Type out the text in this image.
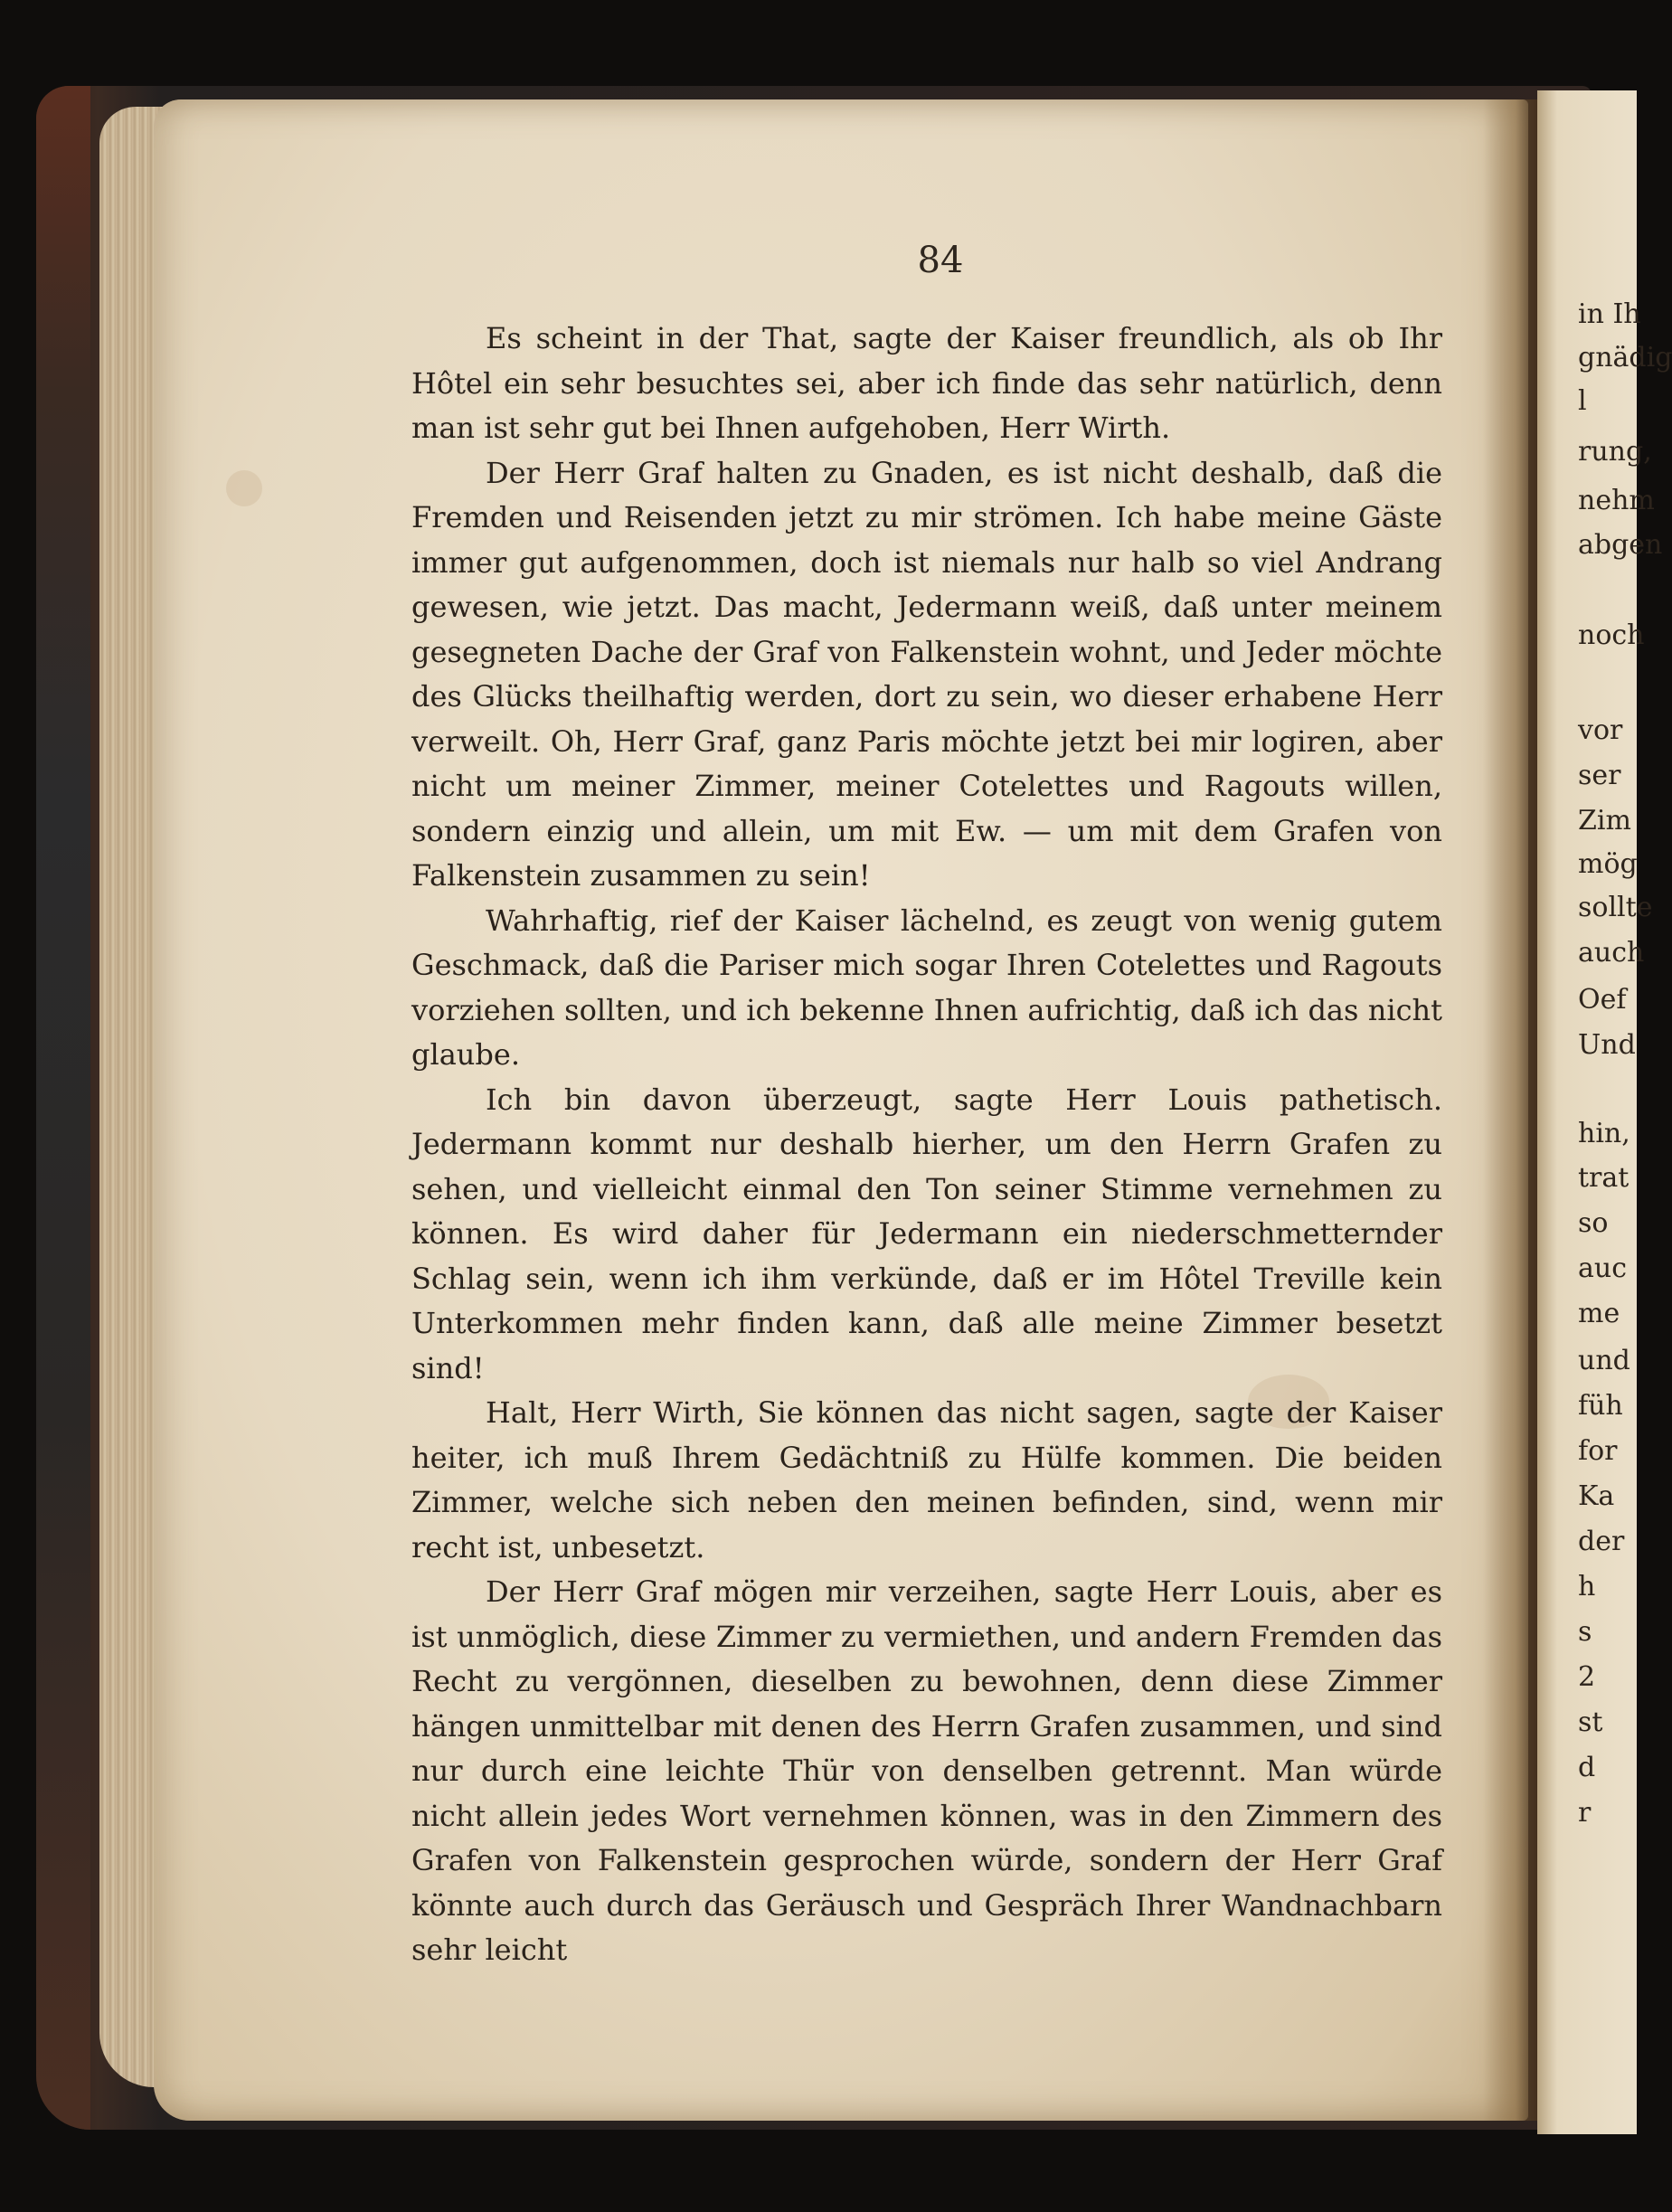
in Ih
gnädig
l
rung,
nehm
abgen
noch
vor
ser
Zim
mög
sollte
auch
Oef
Und
hin,
trat
so
auc
me
und
füh
for
Ka
der
h
s
2
st
d
r
84

Es scheint in der That, sagte der Kaiser freundlich, als ob Ihr Hôtel ein sehr besuchtes sei, aber ich finde das sehr natürlich, denn man ist sehr gut bei Ihnen aufgehoben, Herr Wirth.

Der Herr Graf halten zu Gnaden, es ist nicht deshalb, daß die Fremden und Reisenden jetzt zu mir strömen. Ich habe meine Gäste immer gut aufgenommen, doch ist niemals nur halb so viel Andrang gewesen, wie jetzt. Das macht, Jedermann weiß, daß unter meinem gesegneten Dache der Graf von Falkenstein wohnt, und Jeder möchte des Glücks theilhaftig werden, dort zu sein, wo dieser erhabene Herr verweilt. Oh, Herr Graf, ganz Paris möchte jetzt bei mir logiren, aber nicht um meiner Zimmer, meiner Cotelettes und Ragouts willen, sondern einzig und allein, um mit Ew. — um mit dem Grafen von Falkenstein zusammen zu sein!

Wahrhaftig, rief der Kaiser lächelnd, es zeugt von wenig gutem Geschmack, daß die Pariser mich sogar Ihren Cotelettes und Ragouts vorziehen sollten, und ich bekenne Ihnen aufrichtig, daß ich das nicht glaube.

Ich bin davon überzeugt, sagte Herr Louis pathetisch. Jedermann kommt nur deshalb hierher, um den Herrn Grafen zu sehen, und vielleicht einmal den Ton seiner Stimme vernehmen zu können. Es wird daher für Jedermann ein niederschmetternder Schlag sein, wenn ich ihm verkünde, daß er im Hôtel Treville kein Unterkommen mehr finden kann, daß alle meine Zimmer besetzt sind!

Halt, Herr Wirth, Sie können das nicht sagen, sagte der Kaiser heiter, ich muß Ihrem Gedächtniß zu Hülfe kommen. Die beiden Zimmer, welche sich neben den meinen befinden, sind, wenn mir recht ist, unbesetzt.

Der Herr Graf mögen mir verzeihen, sagte Herr Louis, aber es ist unmöglich, diese Zimmer zu vermiethen, und andern Fremden das Recht zu vergönnen, dieselben zu bewohnen, denn diese Zimmer hängen unmittelbar mit denen des Herrn Grafen zusammen, und sind nur durch eine leichte Thür von denselben getrennt. Man würde nicht allein jedes Wort vernehmen können, was in den Zimmern des Grafen von Falkenstein gesprochen würde, sondern der Herr Graf könnte auch durch das Geräusch und Gespräch Ihrer Wandnachbarn sehr leicht
